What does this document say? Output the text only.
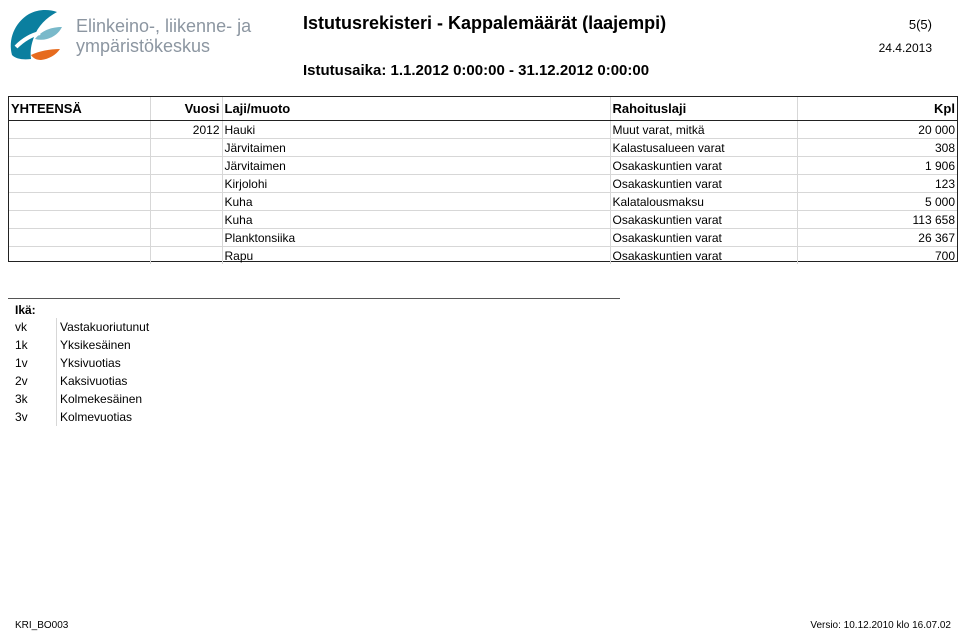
Elinkeino-, liikenne- ja
ympäristökeskus
Istutusrekisteri - Kappalemäärät (laajempi)	5(5)
24.4.2013
Istutusaika: 1.1.2012 0:00:00 - 31.12.2012 0:00:00
YHTEENSÄ	Vuosi	Laji/muoto	Rahoituslaji	Kpl
	2012	Hauki	Muut varat, mitkä	20 000
		Järvitaimen	Kalastusalueen varat	308
		Järvitaimen	Osakaskuntien varat	1 906
		Kirjolohi	Osakaskuntien varat	123
		Kuha	Kalatalousmaksu	5 000
		Kuha	Osakaskuntien varat	113 658
		Planktonsiika	Osakaskuntien varat	26 367
		Rapu	Osakaskuntien varat	700
Ikä:
vk	Vastakuoriutunut
1k	Yksikesäinen
1v	Yksivuotias
2v	Kaksivuotias
3k	Kolmekesäinen
3v	Kolmevuotias
KRI_BO003	Versio: 10.12.2010 klo 16.07.02
